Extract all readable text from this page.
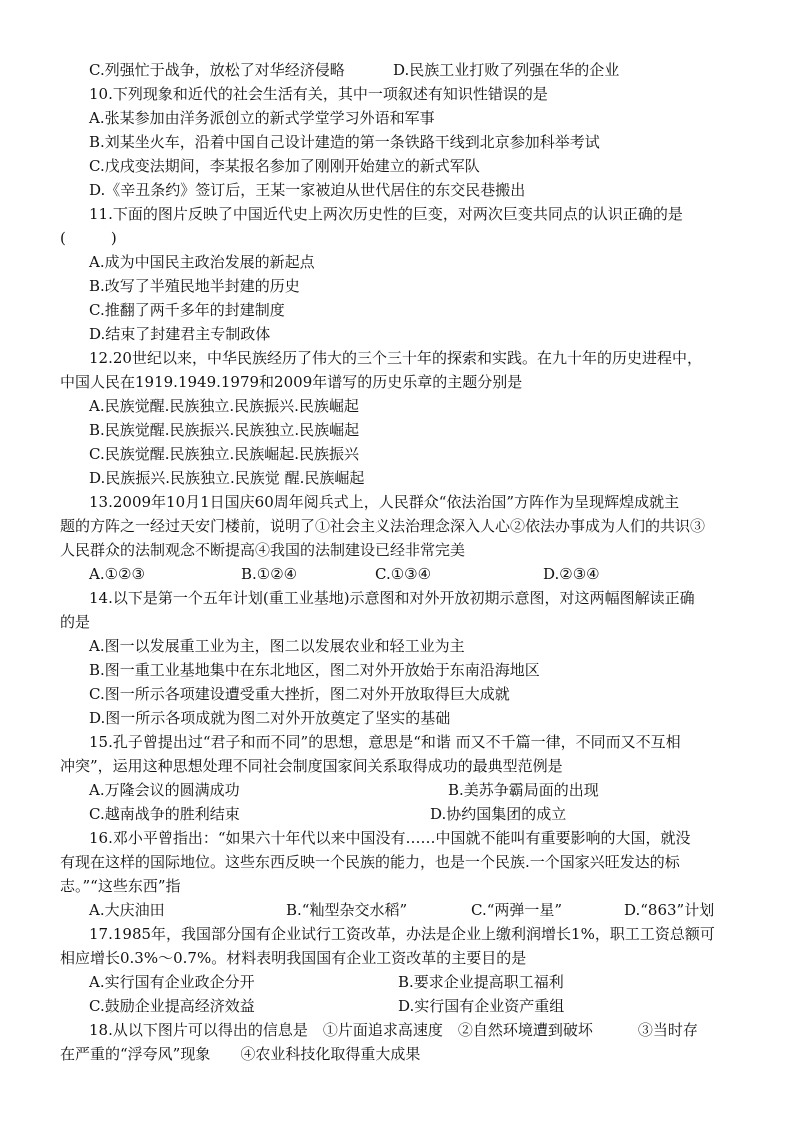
C.列强忙于战争，放松了对华经济侵略	D.民族工业打败了列强在华的企业
10.下列现象和近代的社会生活有关，其中一项叙述有知识性错误的是
A.张某参加由洋务派创立的新式学堂学习外语和军事
B.刘某坐火车，沿着中国自己设计建造的第一条铁路干线到北京参加科举考试
C.戊戌变法期间，李某报名参加了刚刚开始建立的新式军队
D.《辛丑条约》签订后，王某一家被迫从世代居住的东交民巷搬出
11.下面的图片反映了中国近代史上两次历史性的巨变，对两次巨变共同点的认识正确的是
(　　　)
A.成为中国民主政治发展的新起点
B.改写了半殖民地半封建的历史
C.推翻了两千多年的封建制度
D.结束了封建君主专制政体
12.20世纪以来，中华民族经历了伟大的三个三十年的探索和实践。在九十年的历史进程中，
中国人民在1919.1949.1979和2009年谱写的历史乐章的主题分别是
A.民族觉醒.民族独立.民族振兴.民族崛起
B.民族觉醒.民族振兴.民族独立.民族崛起
C.民族觉醒.民族独立.民族崛起.民族振兴
D.民族振兴.民族独立.民族觉 醒.民族崛起
13.2009年10月1日国庆60周年阅兵式上，人民群众“依法治国”方阵作为呈现辉煌成就主
题的方阵之一经过天安门楼前，说明了①社会主义法治理念深入人心②依法办事成为人们的共识③
人民群众的法制观念不断提高④我国的法制建设已经非常完美
A.①②③	B.①②④	C.①③④	D.②③④
14.以下是第一个五年计划(重工业基地)示意图和对外开放初期示意图，对这两幅图解读正确
的是
A.图一以发展重工业为主，图二以发展农业和轻工业为主
B.图一重工业基地集中在东北地区，图二对外开放始于东南沿海地区
C.图一所示各项建设遭受重大挫折，图二对外开放取得巨大成就
D.图一所示各项成就为图二对外开放奠定了坚实的基础
15.孔子曾提出过“君子和而不同”的思想，意思是“和谐 而又不千篇一律，不同而又不互相
冲突”，运用这种思想处理不同社会制度国家间关系取得成功的最典型范例是
A.万隆会议的圆满成功	B.美苏争霸局面的出现
C.越南战争的胜利结束	D.协约国集团的成立
16.邓小平曾指出：“如果六十年代以来中国没有……中国就不能叫有重要影响的大国，就没
有现在这样的国际地位。这些东西反映一个民族的能力，也是一个民族.一个国家兴旺发达的标
志。”“这些东西”指
A.大庆油田	B.“籼型杂交水稻”	C.“两弹一星”	D.“863”计划
17.1985年，我国部分国有企业试行工资改革，办法是企业上缴利润增长1%，职工工资总额可
相应增长0.3%～0.7%。材料表明我国国有企业工资改革的主要目的是
A.实行国有企业政企分开	B.要求企业提高职工福利
C.鼓励企业提高经济效益	D.实行国有企业资产重组
18.从以下图片可以得出的信息是　①片面追求高速度　②自然环境遭到破坏　　　③当时存
在严重的“浮夸风”现象　　④农业科技化取得重大成果
